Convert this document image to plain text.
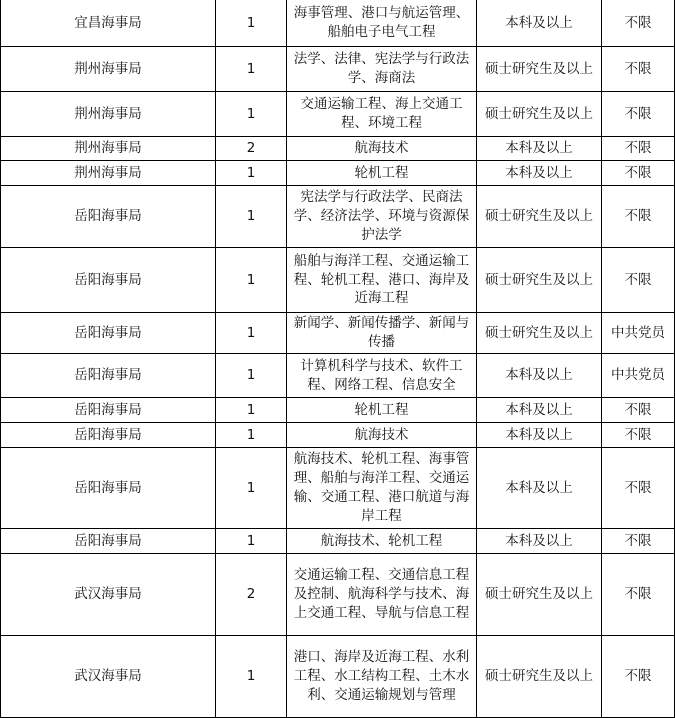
宜昌海事局	1	海事管理、港口与航运管理、船舶电子电气工程	本科及以上	不限
荆州海事局	1	法学、法律、宪法学与行政法学、海商法	硕士研究生及以上	不限
荆州海事局	1	交通运输工程、海上交通工程、环境工程	硕士研究生及以上	不限
荆州海事局	2	航海技术	本科及以上	不限
荆州海事局	1	轮机工程	本科及以上	不限
岳阳海事局	1	宪法学与行政法学、民商法学、经济法学、环境与资源保护法学	硕士研究生及以上	不限
岳阳海事局	1	船舶与海洋工程、交通运输工程、轮机工程、港口、海岸及近海工程	硕士研究生及以上	不限
岳阳海事局	1	新闻学、新闻传播学、新闻与传播	硕士研究生及以上	中共党员
岳阳海事局	1	计算机科学与技术、软件工程、网络工程、信息安全	本科及以上	中共党员
岳阳海事局	1	轮机工程	本科及以上	不限
岳阳海事局	1	航海技术	本科及以上	不限
岳阳海事局	1	航海技术、轮机工程、海事管理、船舶与海洋工程、交通运输、交通工程、港口航道与海岸工程	本科及以上	不限
岳阳海事局	1	航海技术、轮机工程	本科及以上	不限
武汉海事局	2	交通运输工程、交通信息工程及控制、航海科学与技术、海上交通工程、导航与信息工程	硕士研究生及以上	不限
武汉海事局	1	港口、海岸及近海工程、水利工程、水工结构工程、土木水利、交通运输规划与管理	硕士研究生及以上	不限
